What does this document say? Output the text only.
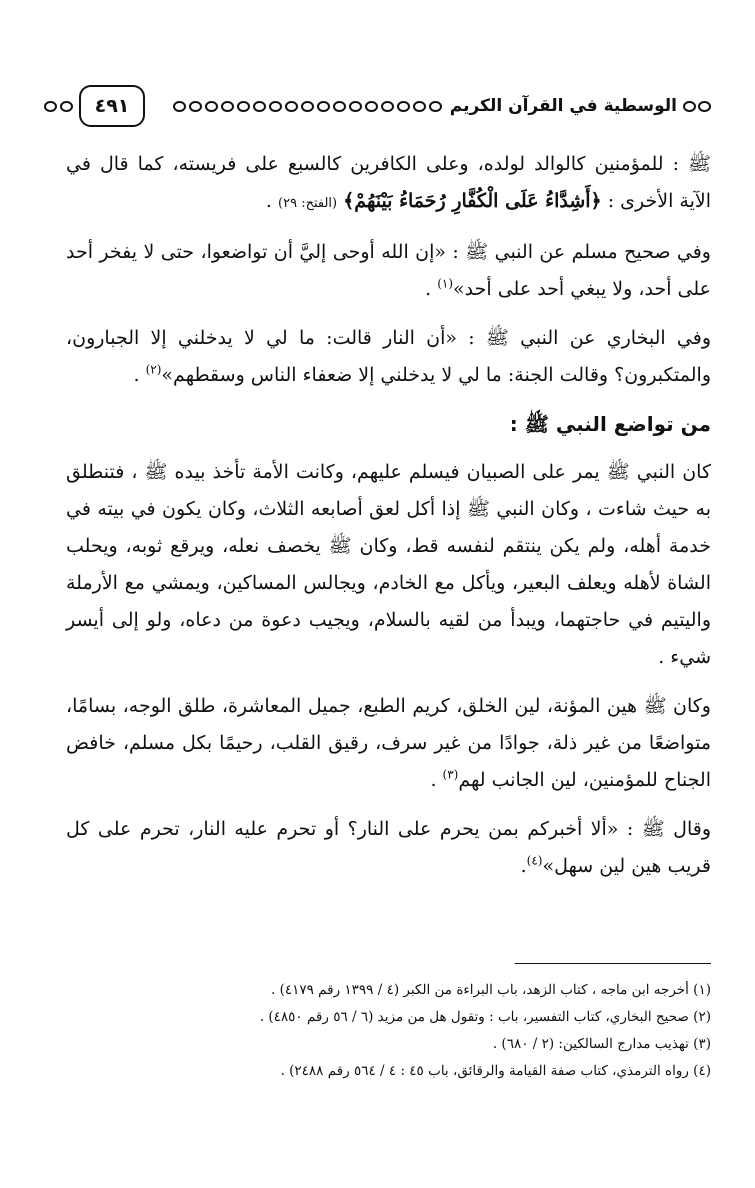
الوسطية في القرآن الكريم
٤٩١

ﷺ : للمؤمنين كالوالد لولده، وعلى الكافرين كالسبع على فريسته، كما قال في الآية الأخرى : ﴿أَشِدَّاءُ عَلَى الْكُفَّارِ رُحَمَاءُ بَيْنَهُمْ﴾ (الفتح: ٢٩) .

وفي صحيح مسلم عن النبي ﷺ : «إن الله أوحى إليَّ أن تواضعوا، حتى لا يفخر أحد على أحد، ولا يبغي أحد على أحد»$^{(١)}$ .

وفي البخاري عن النبي ﷺ : «أن النار قالت: ما لي لا يدخلني إلا الجبارون، والمتكبرون؟ وقالت الجنة: ما لي لا يدخلني إلا ضعفاء الناس وسقطهم»$^{(٢)}$ .

من تواضع النبي ﷺ :

كان النبي ﷺ يمر على الصبيان فيسلم عليهم، وكانت الأمة تأخذ بيده ﷺ ، فتنطلق به حيث شاءت ، وكان النبي ﷺ إذا أكل لعق أصابعه الثلاث، وكان يكون في بيته في خدمة أهله، ولم يكن ينتقم لنفسه قط، وكان ﷺ يخصف نعله، ويرقع ثوبه، ويحلب الشاة لأهله ويعلف البعير، ويأكل مع الخادم، ويجالس المساكين، ويمشي مع الأرملة واليتيم في حاجتهما، ويبدأ من لقيه بالسلام، ويجيب دعوة من دعاه، ولو إلى أيسر شيء .

وكان ﷺ هين المؤنة، لين الخلق، كريم الطبع، جميل المعاشرة، طلق الوجه، بسامًا، متواضعًا من غير ذلة، جوادًا من غير سرف، رقيق القلب، رحيمًا بكل مسلم، خافض الجناح للمؤمنين، لين الجانب لهم$^{(٣)}$ .

وقال ﷺ : «ألا أخبركم بمن يحرم على النار؟ أو تحرم عليه النار، تحرم على كل قريب هين لين سهل»$^{(٤)}$.

(١) أخرجه ابن ماجه ، كتاب الزهد، باب البراءة من الكبر (٤ / ١٣٩٩ رقم ٤١٧٩) .
(٢) صحيح البخاري، كتاب التفسير، باب : وتقول هل من مزيد (٦ / ٥٦ رقم ٤٨٥٠) .
(٣) تهذيب مدارج السالكين: (٢ / ٦٨٠) .
(٤) رواه الترمذي، كتاب صفة القيامة والرقائق، باب ٤٥ : ٤ / ٥٦٤ رقم ٢٤٨٨) .
